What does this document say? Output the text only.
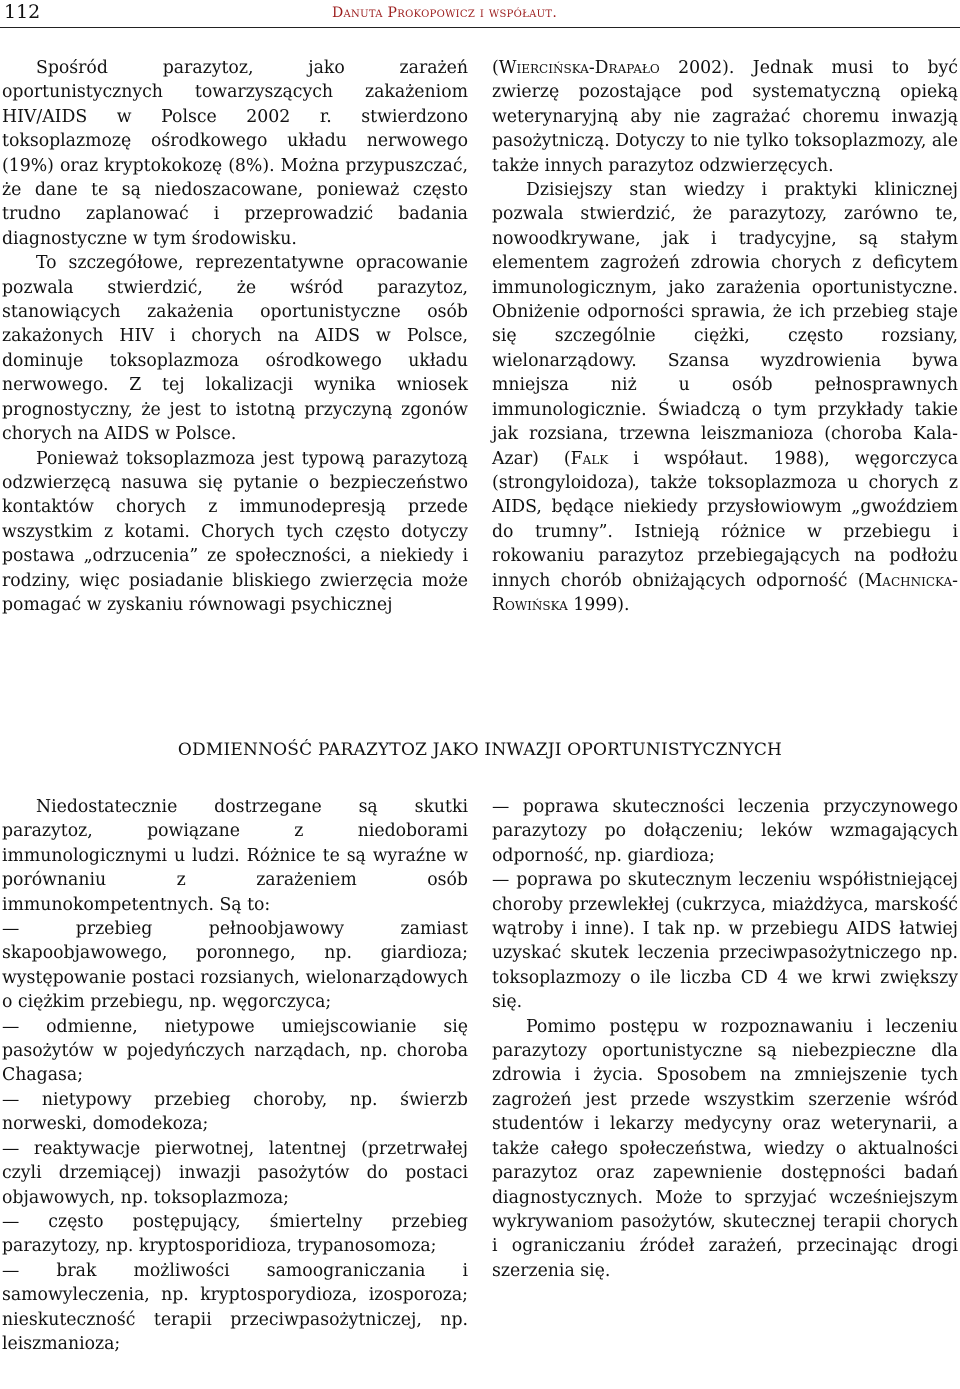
112	Danuta Prokopowicz i współaut.

Spośród parazytoz, jako zarażeń oportunistycznych towarzyszących zakażeniom HIV/AIDS w Polsce 2002 r. stwierdzono toksoplazmozę ośrodkowego układu nerwowego (19%) oraz kryptokokozę (8%). Można przypuszczać, że dane te są niedoszacowane, ponieważ często trudno zaplanować i przeprowadzić badania diagnostyczne w tym środowisku.

To szczegółowe, reprezentatywne opracowanie pozwala stwierdzić, że wśród parazytoz, stanowiących zakażenia oportunistyczne osób zakażonych HIV i chorych na AIDS w Polsce, dominuje toksoplazmoza ośrodkowego układu nerwowego. Z tej lokalizacji wynika wniosek prognostyczny, że jest to istotną przyczyną zgonów chorych na AIDS w Polsce.

Ponieważ toksoplazmoza jest typową parazytozą odzwierzęcą nasuwa się pytanie o bezpieczeństwo kontaktów chorych z immunodepresją przede wszystkim z kotami. Chorych tych często dotyczy postawa „odrzucenia” ze społeczności, a niekiedy i rodziny, więc posiadanie bliskiego zwierzęcia może pomagać w zyskaniu równowagi psychicznej

(Wiercińska-Drapało 2002). Jednak musi to być zwierzę pozostające pod systematyczną opieką weterynaryjną aby nie zagrażać choremu inwazją pasożytniczą. Dotyczy to nie tylko toksoplazmozy, ale także innych parazytoz odzwierzęcych.

Dzisiejszy stan wiedzy i praktyki klinicznej pozwala stwierdzić, że parazytozy, zarówno te, nowoodkrywane, jak i tradycyjne, są stałym elementem zagrożeń zdrowia chorych z deficytem immunologicznym, jako zarażenia oportunistyczne. Obniżenie odporności sprawia, że ich przebieg staje się szczególnie ciężki, często rozsiany, wielonarządowy. Szansa wyzdrowienia bywa mniejsza niż u osób pełnosprawnych immunologicznie. Świadczą o tym przykłady takie jak rozsiana, trzewna leiszmanioza (choroba Kala-Azar) (Falk i współaut. 1988), węgorczyca (strongyloidoza), także toksoplazmoza u chorych z AIDS, będące niekiedy przysłowiowym „gwoździem do trumny”. Istnieją różnice w przebiegu i rokowaniu parazytoz przebiegających na podłożu innych chorób obniżających odporność (Machnicka-Rowińska 1999).

ODMIENNOŚĆ PARAZYTOZ JAKO INWAZJI OPORTUNISTYCZNYCH

Niedostatecznie dostrzegane są skutki parazytoz, powiązane z niedoborami immunologicznymi u ludzi. Różnice te są wyraźne w porównaniu z zarażeniem osób immunokompetentnych. Są to:

— przebieg pełnoobjawowy zamiast skapoobjawowego, poronnego, np. giardioza; występowanie postaci rozsianych, wielonarządowych o ciężkim przebiegu, np. węgorczyca;

— odmienne, nietypowe umiejscowianie się pasożytów w pojedyńczych narządach, np. choroba Chagasa;

— nietypowy przebieg choroby, np. świerzb norweski, domodekoza;

— reaktywacje pierwotnej, latentnej (przetrwałej czyli drzemiącej) inwazji pasożytów do postaci objawowych, np. toksoplazmoza;

— często postępujący, śmiertelny przebieg parazytozy, np. kryptosporidioza, trypanosomoza;

— brak możliwości samoograniczania i samowyleczenia, np. kryptosporydioza, izosporoza; nieskuteczność terapii przeciwpasożytniczej, np. leiszmanioza;

— poprawa skuteczności leczenia przyczynowego parazytozy po dołączeniu; leków wzmagających odporność, np. giardioza;

— poprawa po skutecznym leczeniu współistniejącej choroby przewlekłej (cukrzyca, miażdżyca, marskość wątroby i inne). I tak np. w przebiegu AIDS łatwiej uzyskać skutek leczenia przeciwpasożytniczego np. toksoplazmozy o ile liczba CD 4 we krwi zwiększy się.

Pomimo postępu w rozpoznawaniu i leczeniu parazytozy oportunistyczne są niebezpieczne dla zdrowia i życia. Sposobem na zmniejszenie tych zagrożeń jest przede wszystkim szerzenie wśród studentów i lekarzy medycyny oraz weterynarii, a także całego społeczeństwa, wiedzy o aktualności parazytoz oraz zapewnienie dostępności badań diagnostycznych. Może to sprzyjać wcześniejszym wykrywaniom pasożytów, skutecznej terapii chorych i ograniczaniu źródeł zarażeń, przecinając drogi szerzenia się.
